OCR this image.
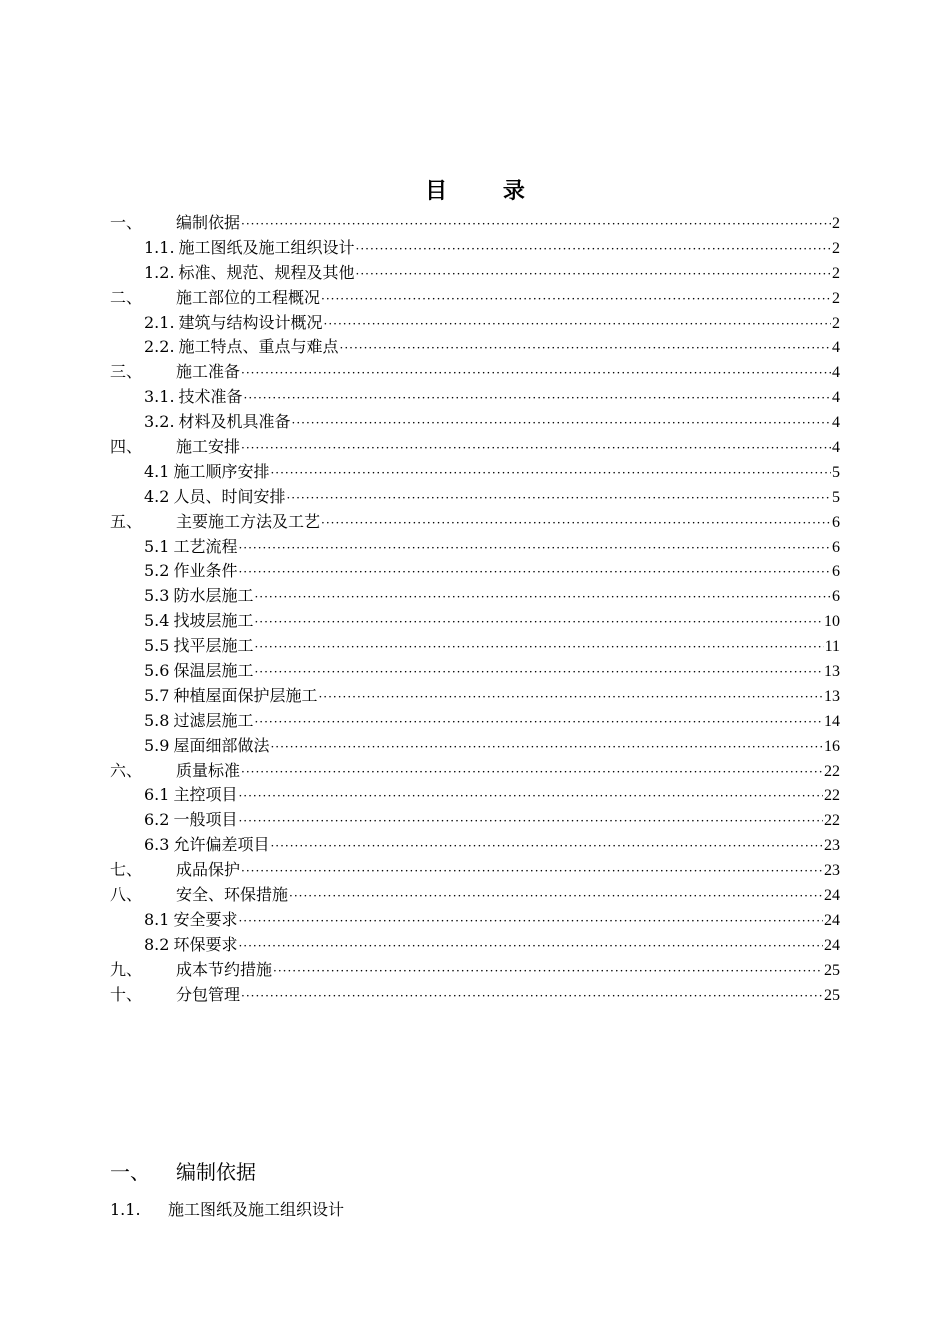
目 录
一、	编制依据 ·····	2
1.1. 施工图纸及施工组织设计 ·····	2
1.2. 标准、规范、规程及其他 ·····	2
二、	施工部位的工程概况 ·····	2
2.1. 建筑与结构设计概况 ·····	2
2.2. 施工特点、重点与难点 ·····	4
三、	施工准备 ·····	4
3.1. 技术准备 ·····	4
3.2. 材料及机具准备 ·····	4
四、	施工安排 ·····	4
4.1 施工顺序安排 ·····	5
4.2 人员、时间安排 ·····	5
五、	主要施工方法及工艺 ·····	6
5.1 工艺流程 ·····	6
5.2 作业条件 ·····	6
5.3 防水层施工 ·····	6
5.4 找坡层施工 ·····	10
5.5 找平层施工 ·····	11
5.6 保温层施工 ·····	13
5.7 种植屋面保护层施工 ·····	13
5.8 过滤层施工 ·····	14
5.9 屋面细部做法 ·····	16
六、	质量标准 ·····	22
6.1 主控项目 ·····	22
6.2 一般项目 ·····	22
6.3 允许偏差项目 ·····	23
七、	成品保护 ·····	23
八、	安全、环保措施 ·····	24
8.1 安全要求 ·····	24
8.2 环保要求 ·····	24
九、	成本节约措施 ·····	25
十、	分包管理 ·····	25
一、 编制依据
1.1. 施工图纸及施工组织设计
